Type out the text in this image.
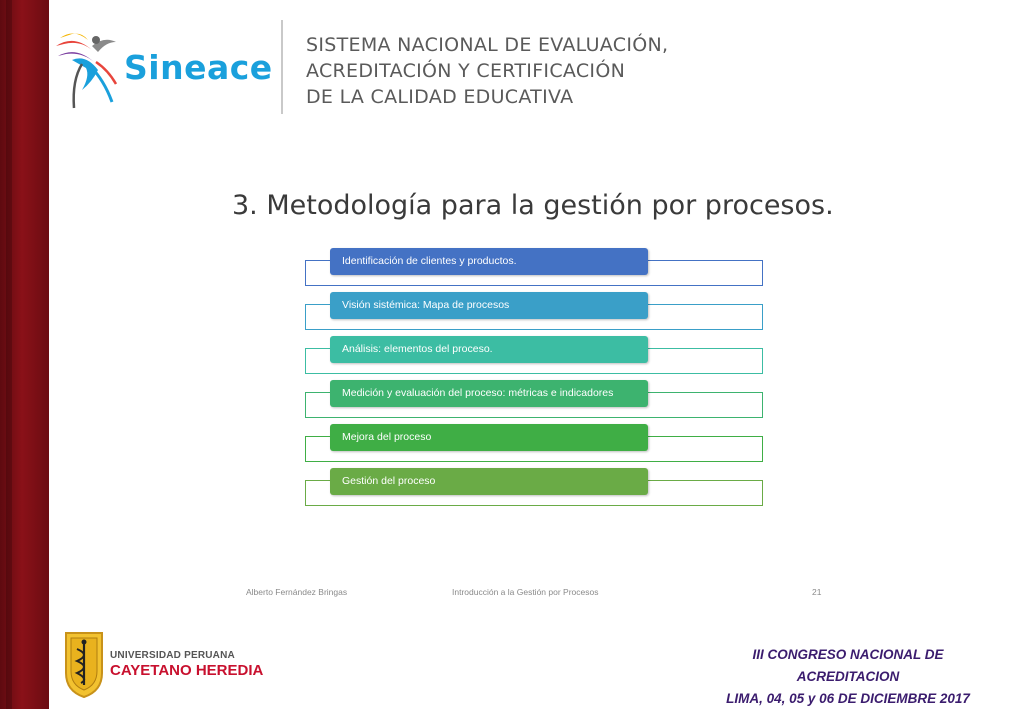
Sineace
SISTEMA NACIONAL DE EVALUACIÓN,
ACREDITACIÓN Y CERTIFICACIÓN
DE LA CALIDAD EDUCATIVA
3. Metodología para la gestión por procesos.
Identificación de clientes y productos.
Visión sistémica: Mapa de procesos
Análisis: elementos del proceso.
Medición y evaluación del proceso: métricas e indicadores
Mejora del proceso
Gestión del proceso
Alberto Fernández Bringas	Introducción a la Gestión por Procesos	21
UNIVERSIDAD PERUANA
CAYETANO HEREDIA
III CONGRESO NACIONAL DE
ACREDITACION
LIMA, 04, 05 y 06 DE DICIEMBRE 2017
